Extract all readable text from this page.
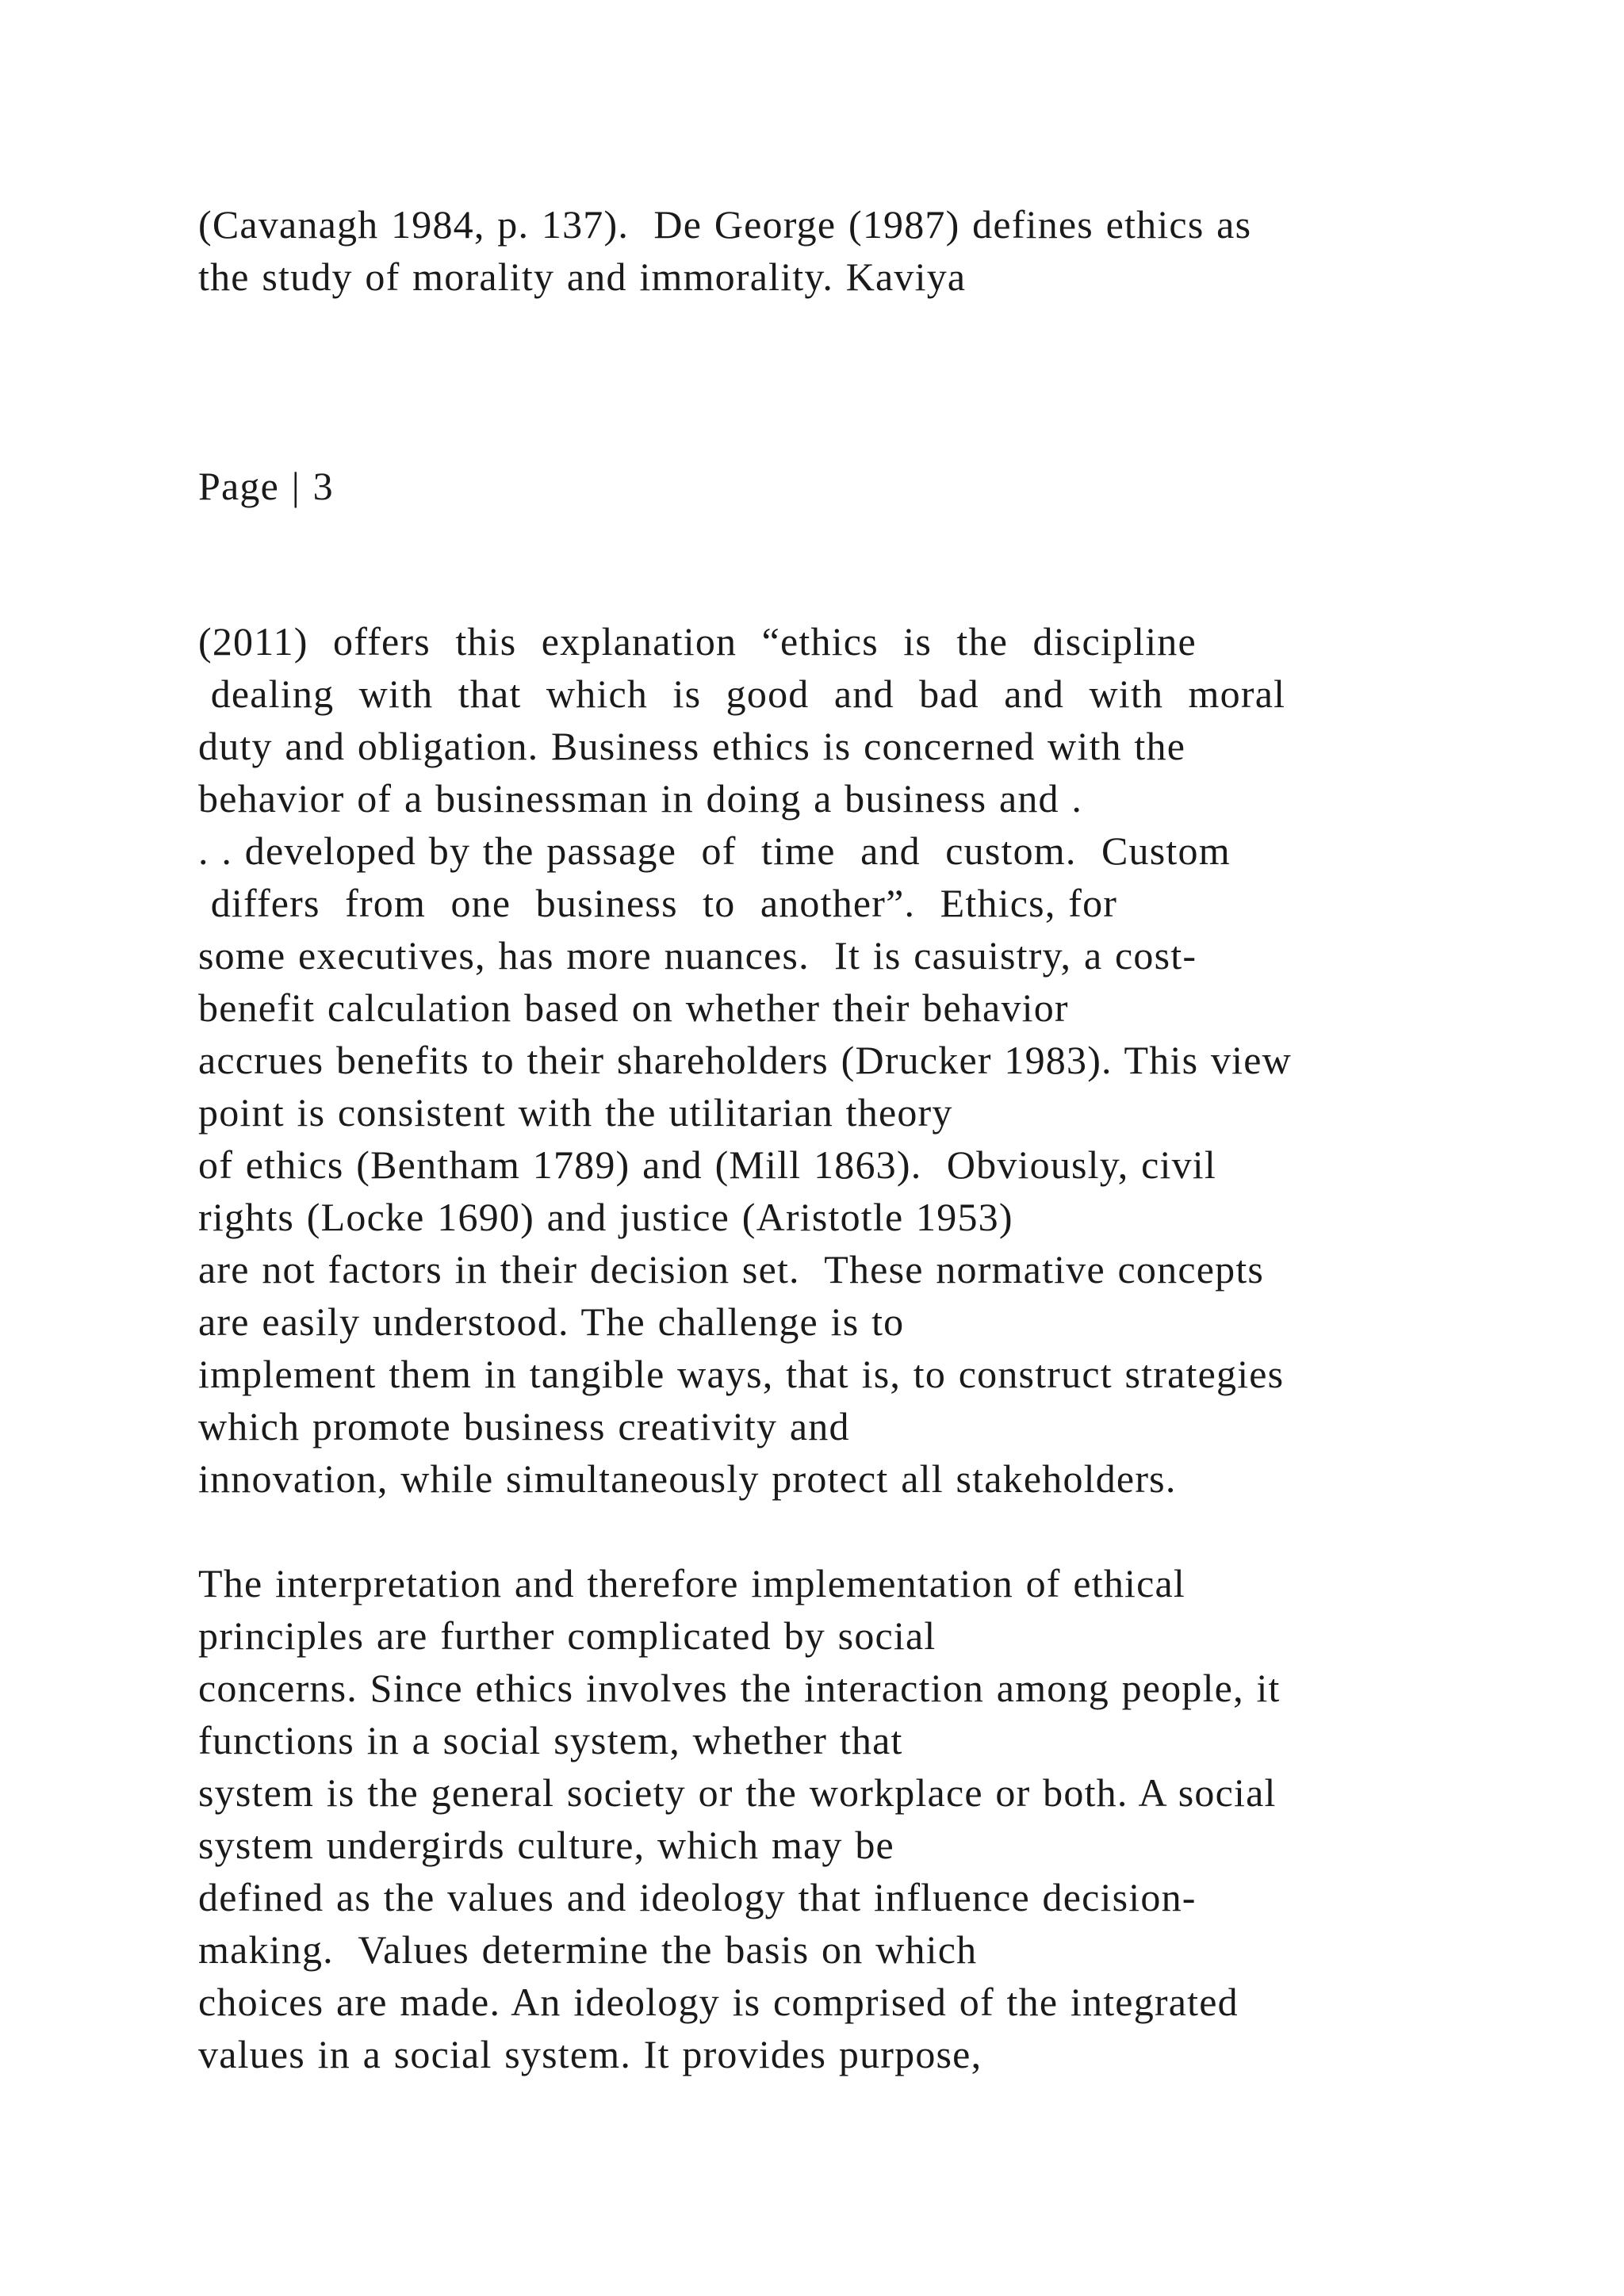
(Cavanagh 1984, p. 137).  De George (1987) defines ethics as
the study of morality and immorality. Kaviya
Page | 3
(2011)  offers  this  explanation  “ethics  is  the  discipline
dealing  with  that  which  is  good  and  bad  and  with  moral
duty and obligation. Business ethics is concerned with the
behavior of a businessman in doing a business and .
. . developed by the passage  of  time  and  custom.  Custom
differs  from  one  business  to  another”.  Ethics, for
some executives, has more nuances.  It is casuistry, a cost-
benefit calculation based on whether their behavior
accrues benefits to their shareholders (Drucker 1983). This view
point is consistent with the utilitarian theory
of ethics (Bentham 1789) and (Mill 1863).  Obviously, civil
rights (Locke 1690) and justice (Aristotle 1953)
are not factors in their decision set.  These normative concepts
are easily understood. The challenge is to
implement them in tangible ways, that is, to construct strategies
which promote business creativity and
innovation, while simultaneously protect all stakeholders.
The interpretation and therefore implementation of ethical
principles are further complicated by social
concerns. Since ethics involves the interaction among people, it
functions in a social system, whether that
system is the general society or the workplace or both. A social
system undergirds culture, which may be
defined as the values and ideology that influence decision-
making.  Values determine the basis on which
choices are made. An ideology is comprised of the integrated
values in a social system. It provides purpose,
